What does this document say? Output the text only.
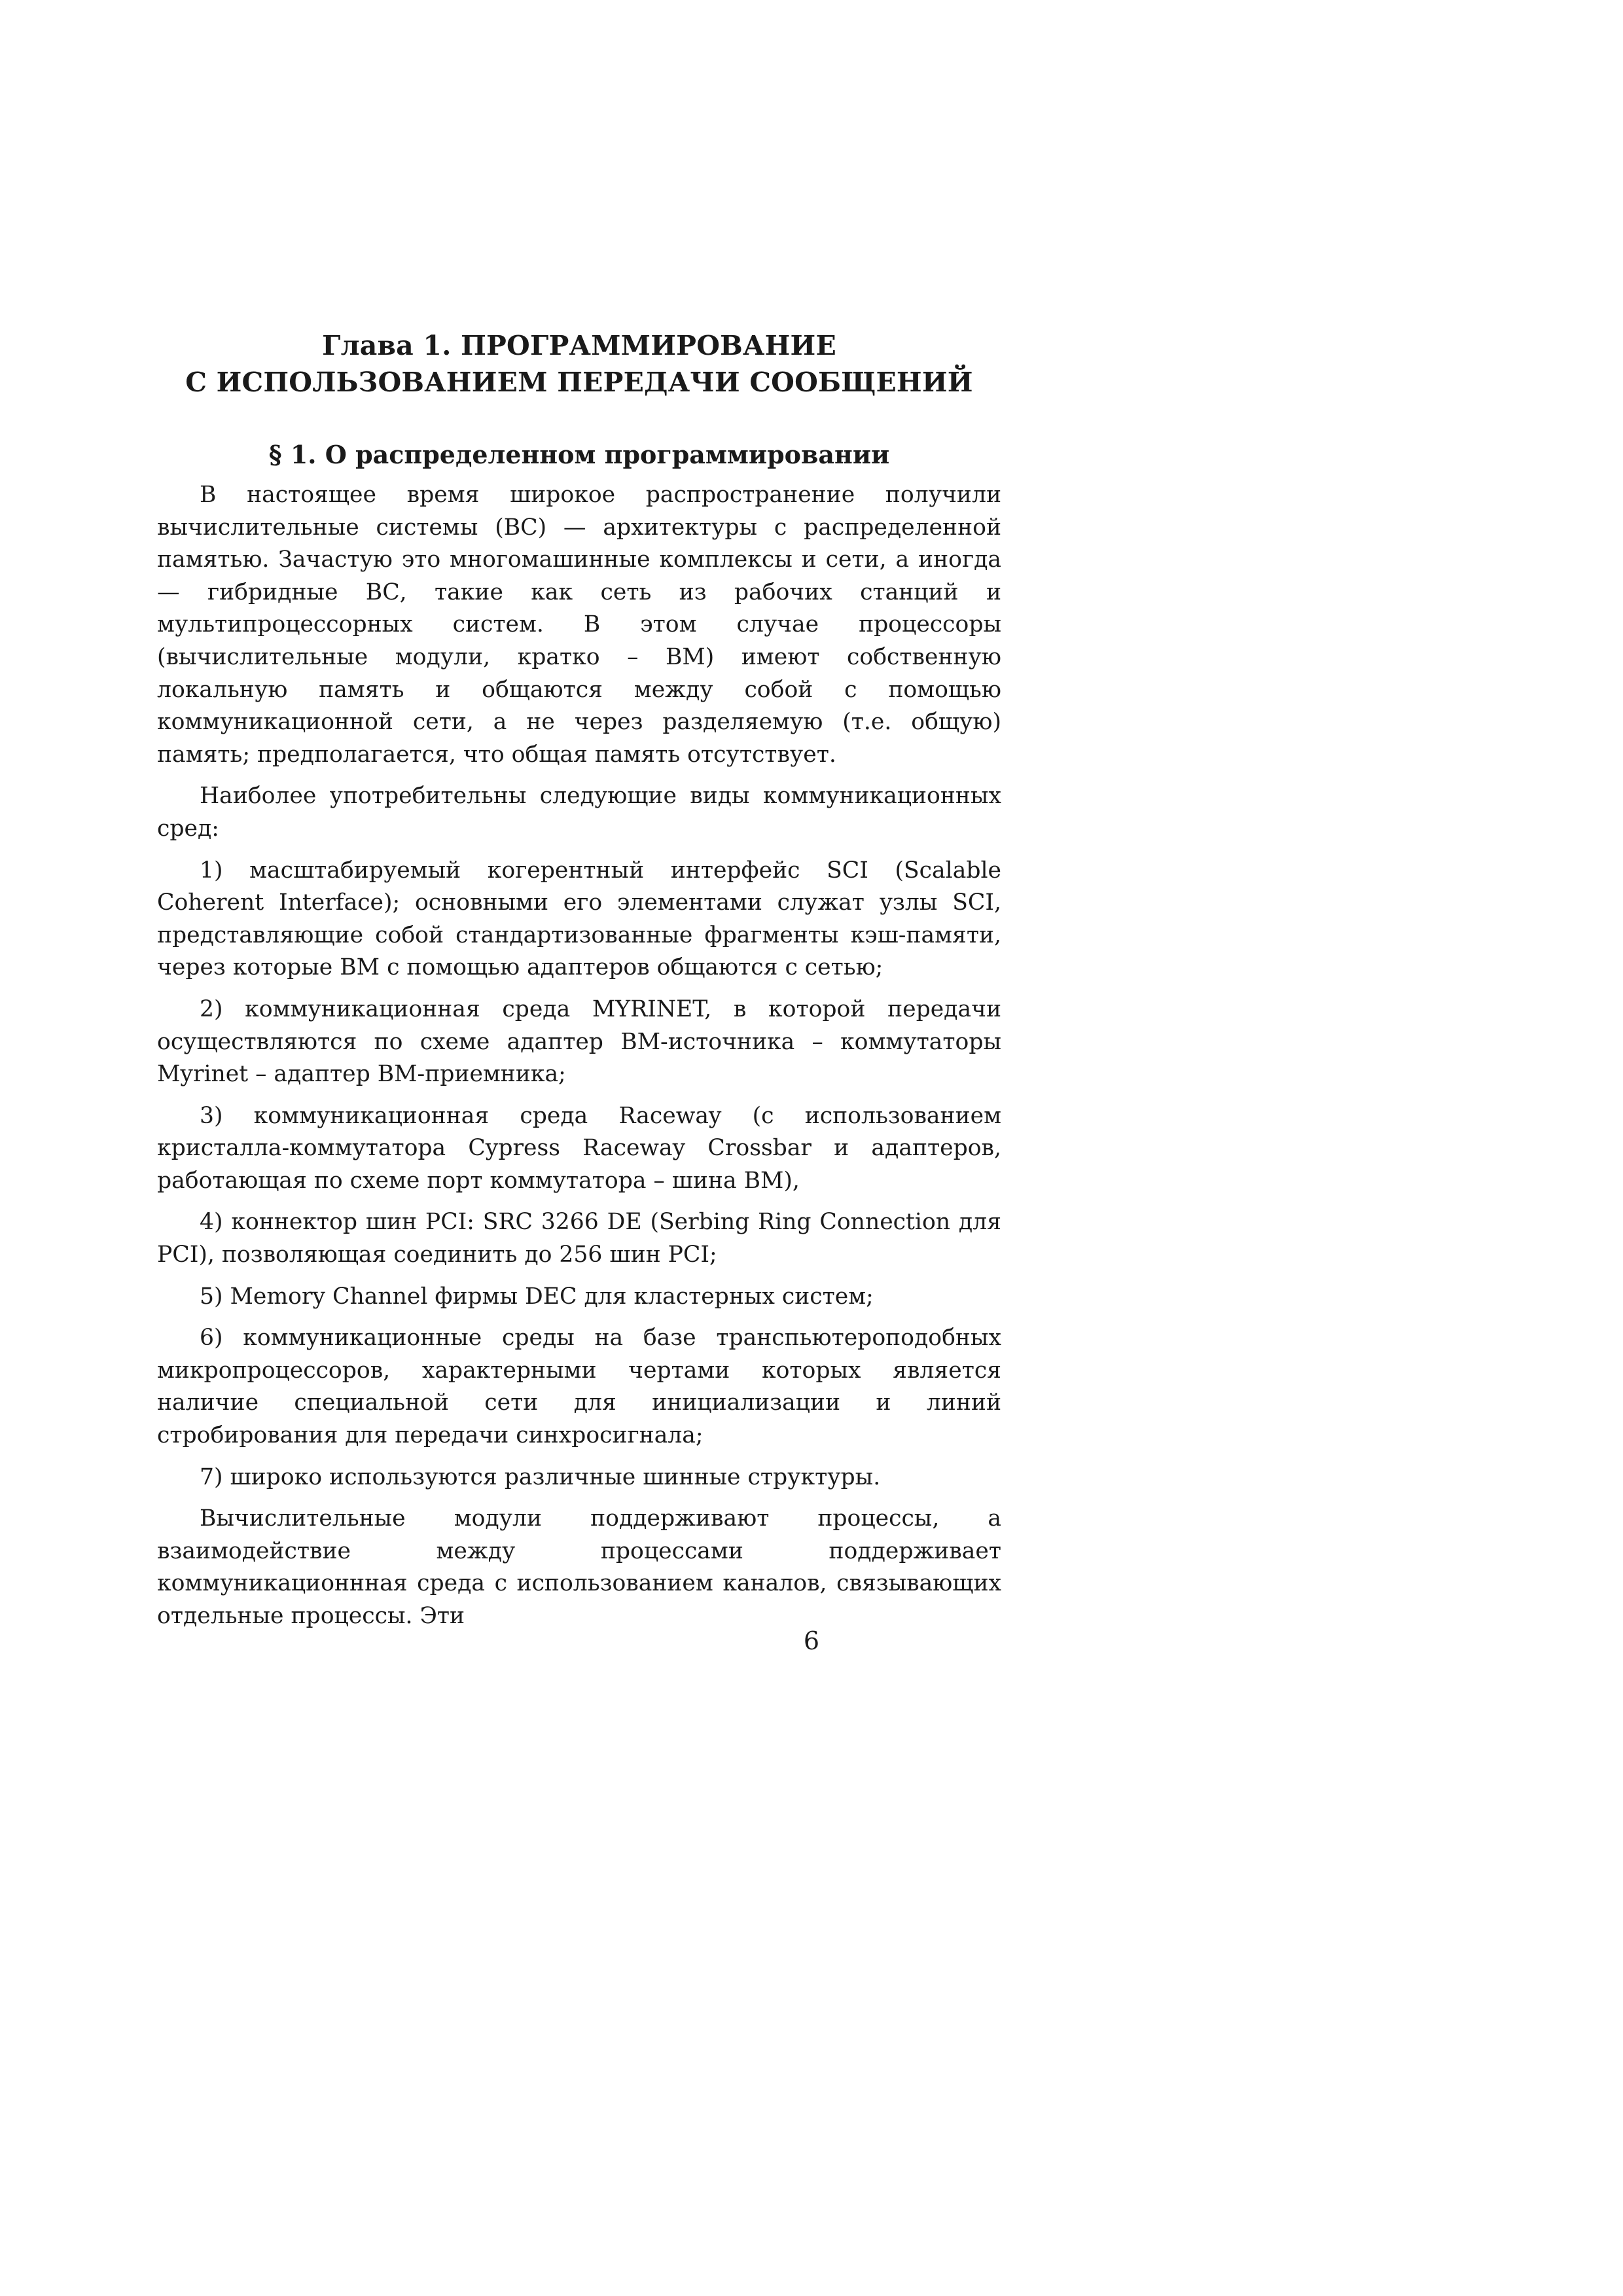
Глава 1. ПРОГРАММИРОВАНИЕ
С ИСПОЛЬЗОВАНИЕМ ПЕРЕДАЧИ СООБЩЕНИЙ
§ 1. О распределенном программировании

В настоящее время широкое распространение получили вычислительные системы (ВС) — архитектуры с распределенной памятью. Зачастую это многомашинные комплексы и сети, а иногда — гибридные ВС, такие как сеть из рабочих станций и мультипроцессорных систем. В этом случае процессоры (вычислительные модули, кратко – ВМ) имеют собственную локальную память и общаются между собой с помощью коммуникационной сети, а не через разделяемую (т.е. общую) память; предполагается, что общая память отсутствует.

Наиболее употребительны следующие виды коммуникационных сред:

1) масштабируемый когерентный интерфейс SCI (Scalable Coherent Interface); основными его элементами служат узлы SCI, представляющие собой стандартизованные фрагменты кэш-памяти, через которые ВМ с помощью адаптеров общаются с сетью;

2) коммуникационная среда MYRINET, в которой передачи осуществляются по схеме адаптер ВМ-источника – коммутаторы Myrinet – адаптер ВМ-приемника;

3) коммуникационная среда Raceway (с использованием кристалла-коммутатора Cypress Raceway Crossbar и адаптеров, работающая по схеме порт коммутатора – шина ВМ),

4) коннектор шин PCI: SRC 3266 DE (Serbing Ring Connection для PCI), позволяющая соединить до 256 шин PCI;

5) Memory Channel фирмы DEC для кластерных систем;

6) коммуникационные среды на базе транспьютероподобных микропроцессоров, характерными чертами которых является наличие специальной сети для инициализации и линий стробирования для передачи синхросигнала;

7) широко используются различные шинные структуры.

Вычислительные модули поддерживают процессы, а взаимодействие между процессами поддерживает коммуникационнная среда с использованием каналов, связывающих отдельные процессы. Эти

6
